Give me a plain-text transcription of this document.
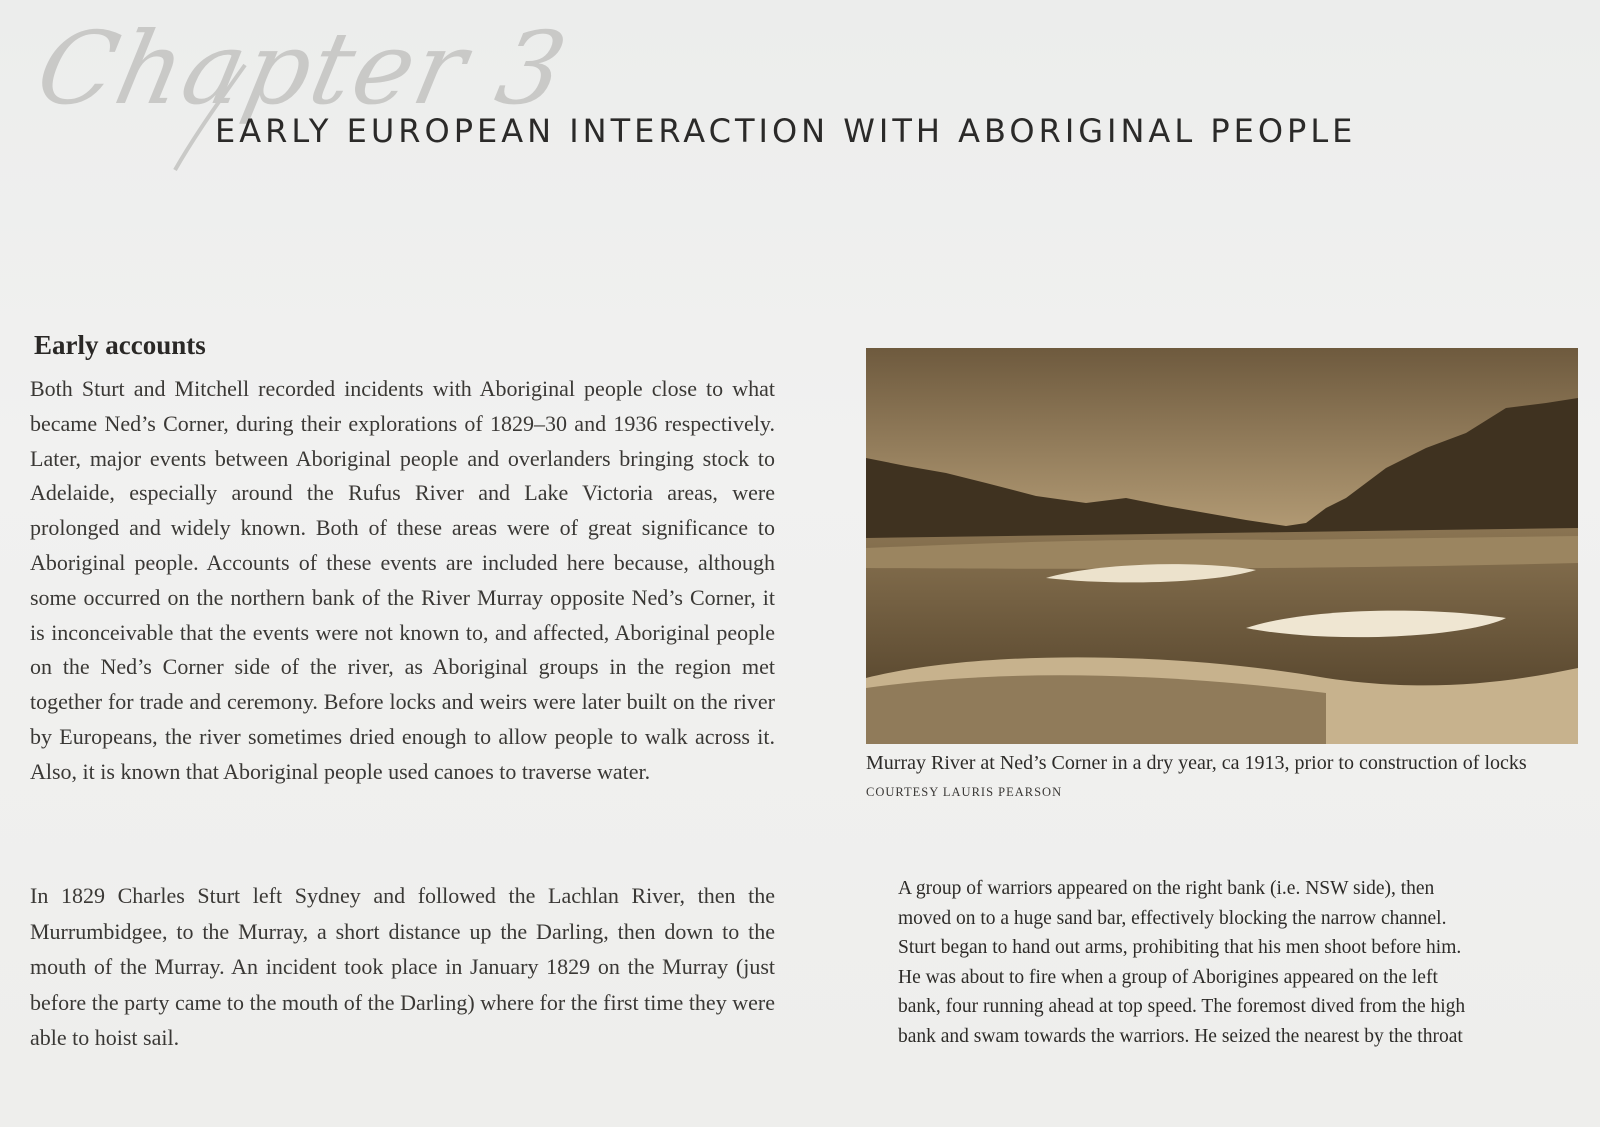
Chapter 3
EARLY EUROPEAN INTERACTION WITH ABORIGINAL PEOPLE
Early accounts
Both Sturt and Mitchell recorded incidents with Aboriginal people close to what became Ned’s Corner, during their explorations of 1829–30 and 1936 respectively. Later, major events between Aboriginal people and overlanders bringing stock to Adelaide, especially around the Rufus River and Lake Victoria areas, were prolonged and widely known. Both of these areas were of great significance to Aboriginal people. Accounts of these events are included here because, although some occurred on the northern bank of the River Murray opposite Ned’s Corner, it is inconceivable that the events were not known to, and affected, Aboriginal people on the Ned’s Corner side of the river, as Aboriginal groups in the region met together for trade and ceremony. Before locks and weirs were later built on the river by Europeans, the river sometimes dried enough to allow people to walk across it. Also, it is known that Aboriginal people used canoes to traverse water.
In 1829 Charles Sturt left Sydney and followed the Lachlan River, then the Murrumbidgee, to the Murray, a short distance up the Darling, then down to the mouth of the Murray. An incident took place in January 1829 on the Murray (just before the party came to the mouth of the Darling) where for the first time they were able to hoist sail.
Murray River at Ned’s Corner in a dry year, ca 1913, prior to construction of locks
COURTESY LAURIS PEARSON
A group of warriors appeared on the right bank (i.e. NSW side), then
moved on to a huge sand bar, effectively blocking the narrow channel.
Sturt began to hand out arms, prohibiting that his men shoot before him.
He was about to fire when a group of Aborigines appeared on the left
bank, four running ahead at top speed. The foremost dived from the high
bank and swam towards the warriors. He seized the nearest by the throat
